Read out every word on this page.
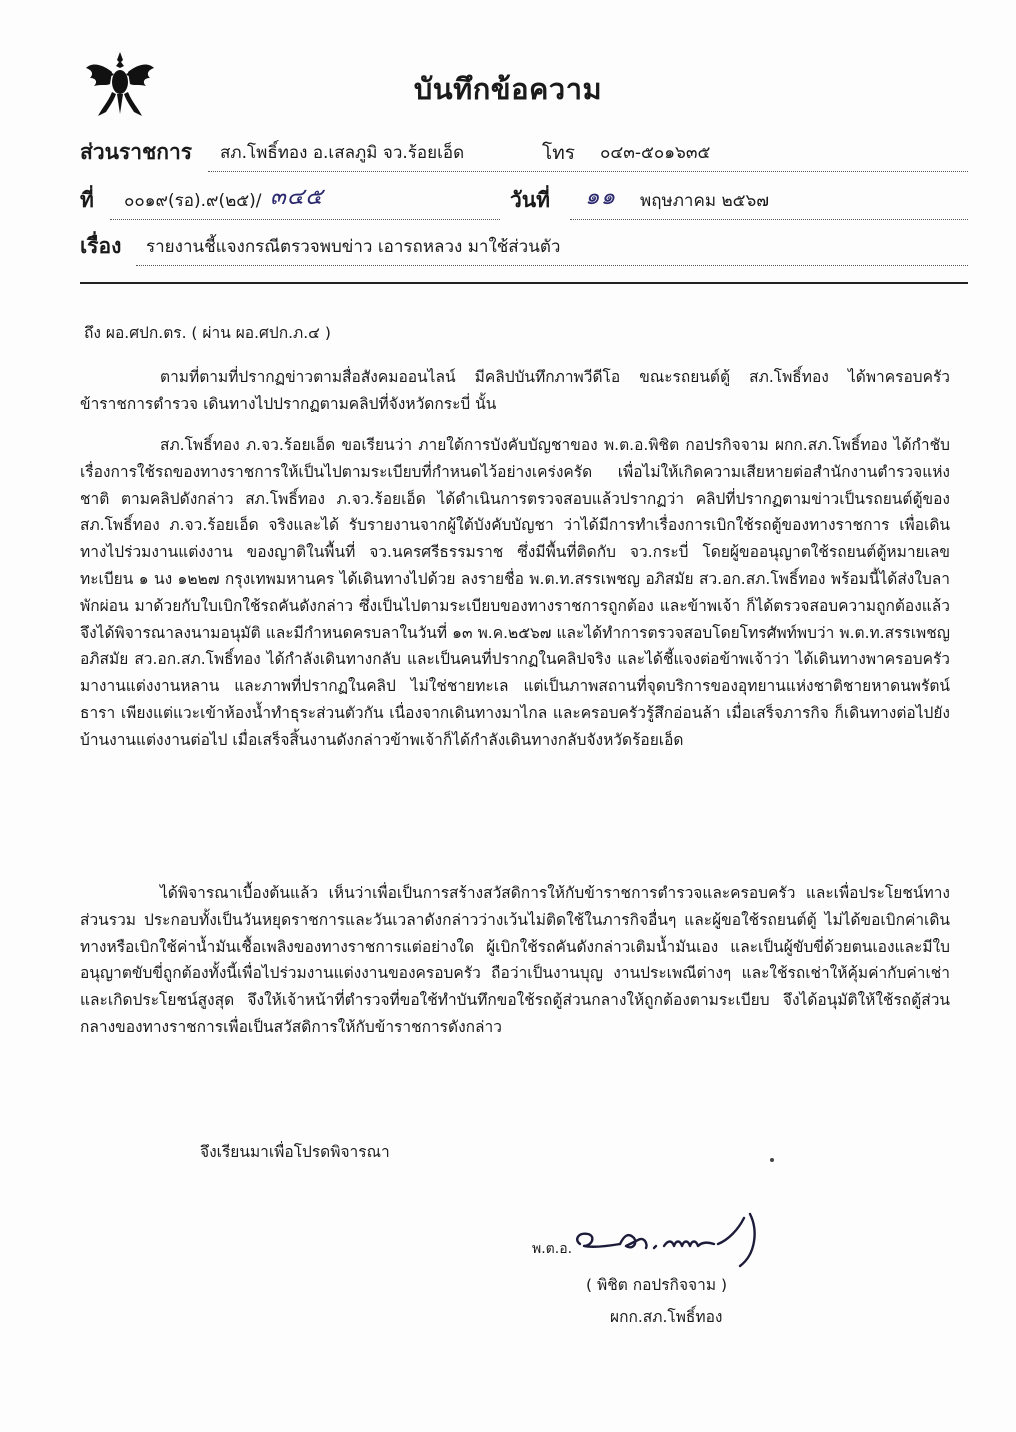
บันทึกข้อความ
ส่วนราชการ สภ.โพธิ์ทอง อ.เสลภูมิ จว.ร้อยเอ็ด	โทร ๐๔๓-๕๐๑๖๓๕
ที่ ๐๐๑๙(รอ).๙(๒๕)/ ๓๔๕	วันที่ ๑๑ พฤษภาคม ๒๕๖๗
เรื่อง รายงานชี้แจงกรณีตรวจพบข่าว เอารถหลวง มาใช้ส่วนตัว
ถึง ผอ.ศปก.ตร. ( ผ่าน ผอ.ศปก.ภ.๔ )

ตามที่ตามที่ปรากฏข่าวตามสื่อสังคมออนไลน์ มีคลิปบันทึกภาพวีดีโอ ขณะรถยนต์ตู้ สภ.โพธิ์ทอง ได้พาครอบครัวข้าราชการตำรวจ เดินทางไปปรากฏตามคลิปที่จังหวัดกระบี่ นั้น

สภ.โพธิ์ทอง ภ.จว.ร้อยเอ็ด ขอเรียนว่า ภายใต้การบังคับบัญชาของ พ.ต.อ.พิชิต กอปรกิจจาม ผกก.สภ.โพธิ์ทอง ได้กำชับเรื่องการใช้รถของทางราชการให้เป็นไปตามระเบียบที่กำหนดไว้อย่างเคร่งครัด เพื่อไม่ให้เกิดความเสียหายต่อสำนักงานตำรวจแห่งชาติ ตามคลิปดังกล่าว สภ.โพธิ์ทอง ภ.จว.ร้อยเอ็ด ได้ดำเนินการตรวจสอบแล้วปรากฏว่า คลิปที่ปรากฏตามข่าวเป็นรถยนต์ตู้ของ สภ.โพธิ์ทอง ภ.จว.ร้อยเอ็ด จริงและได้ รับรายงานจากผู้ใต้บังคับบัญชา ว่าได้มีการทำเรื่องการเบิกใช้รถตู้ของทางราชการ เพื่อเดินทางไปร่วมงานแต่งงาน ของญาติในพื้นที่ จว.นครศรีธรรมราช ซึ่งมีพื้นที่ติดกับ จว.กระบี่ โดยผู้ขออนุญาตใช้รถยนต์ตู้หมายเลขทะเบียน ๑ นง ๑๒๒๗ กรุงเทพมหานคร ได้เดินทางไปด้วย ลงรายชื่อ พ.ต.ท.สรรเพชญ อภิสมัย สว.อก.สภ.โพธิ์ทอง พร้อมนี้ได้ส่งใบลาพักผ่อน มาด้วยกับใบเบิกใช้รถคันดังกล่าว ซึ่งเป็นไปตามระเบียบของทางราชการถูกต้อง และข้าพเจ้า ก็ได้ตรวจสอบความถูกต้องแล้ว จึงได้พิจารณาลงนามอนุมัติ และมีกำหนดครบลาในวันที่ ๑๓ พ.ค.๒๕๖๗ และได้ทำการตรวจสอบโดยโทรศัพท์พบว่า พ.ต.ท.สรรเพชญ อภิสมัย สว.อก.สภ.โพธิ์ทอง ได้กำลังเดินทางกลับ และเป็นคนที่ปรากฏในคลิปจริง และได้ชี้แจงต่อข้าพเจ้าว่า ได้เดินทางพาครอบครัวมางานแต่งงานหลาน และภาพที่ปรากฏในคลิป ไม่ใช่ชายทะเล แต่เป็นภาพสถานที่จุดบริการของอุทยานแห่งชาติชายหาดนพรัตน์ธารา เพียงแต่แวะเข้าห้องน้ำทำธุระส่วนตัวกัน เนื่องจากเดินทางมาไกล และครอบครัวรู้สึกอ่อนล้า เมื่อเสร็จภารกิจ ก็เดินทางต่อไปยังบ้านงานแต่งงานต่อไป เมื่อเสร็จสิ้นงานดังกล่าวข้าพเจ้าก็ได้กำลังเดินทางกลับจังหวัดร้อยเอ็ด

ได้พิจารณาเบื้องต้นแล้ว เห็นว่าเพื่อเป็นการสร้างสวัสดิการให้กับข้าราชการตำรวจและครอบครัว และเพื่อประโยชน์ทางส่วนรวม ประกอบทั้งเป็นวันหยุดราชการและวันเวลาดังกล่าวว่างเว้นไม่ติดใช้ในภารกิจอื่นๆ และผู้ขอใช้รถยนต์ตู้ ไม่ได้ขอเบิกค่าเดินทางหรือเบิกใช้ค่าน้ำมันเชื้อเพลิงของทางราชการแต่อย่างใด ผู้เบิกใช้รถคันดังกล่าวเติมน้ำมันเอง และเป็นผู้ขับขี่ด้วยตนเองและมีใบอนุญาตขับขี่ถูกต้องทั้งนี้เพื่อไปร่วมงานแต่งงานของครอบครัว ถือว่าเป็นงานบุญ งานประเพณีต่างๆ และใช้รถเช่าให้คุ้มค่ากับค่าเช่าและเกิดประโยชน์สูงสุด จึงให้เจ้าหน้าที่ตำรวจที่ขอใช้ทำบันทึกขอใช้รถตู้ส่วนกลางให้ถูกต้องตามระเบียบ จึงได้อนุมัติให้ใช้รถตู้ส่วนกลางของทางราชการเพื่อเป็นสวัสดิการให้กับข้าราชการดังกล่าว

จึงเรียนมาเพื่อโปรดพิจารณา
พ.ต.อ.
( พิชิต กอปรกิจจาม )
ผกก.สภ.โพธิ์ทอง
